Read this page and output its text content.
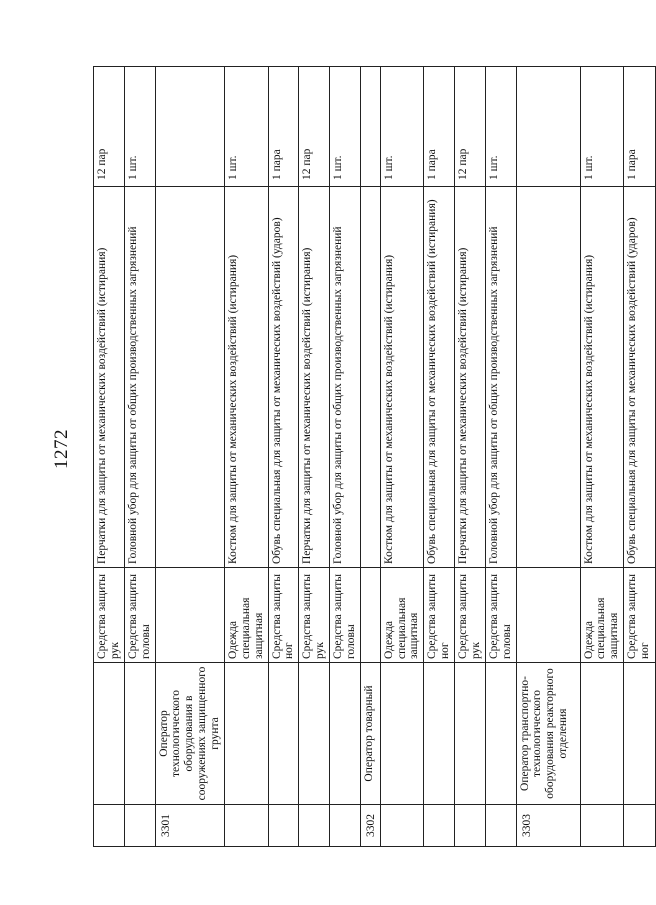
1272
		Средства защиты рук	Перчатки для защиты от механических воздействий (истирания)	12 пар
		Средства защиты головы	Головной убор для защиты от общих производственных загрязнений	1 шт.
3301	Оператор технологического оборудования в сооружениях защищенного грунта			
		Одежда специальная защитная	Костюм для защиты от механических воздействий (истирания)	1 шт.
		Средства защиты ног	Обувь специальная для защиты от механических воздействий (ударов)	1 пара
		Средства защиты рук	Перчатки для защиты от механических воздействий (истирания)	12 пар
		Средства защиты головы	Головной убор для защиты от общих производственных загрязнений	1 шт.
3302	Оператор товарный			
		Одежда специальная защитная	Костюм для защиты от механических воздействий (истирания)	1 шт.
		Средства защиты ног	Обувь специальная для защиты от механических воздействий (истирания)	1 пара
		Средства защиты рук	Перчатки для защиты от механических воздействий (истирания)	12 пар
		Средства защиты головы	Головной убор для защиты от общих производственных загрязнений	1 шт.
3303	Оператор транспортно-технологического оборудования реакторного отделения			
		Одежда специальная защитная	Костюм для защиты от механических воздействий (истирания)	1 шт.
		Средства защиты ног	Обувь специальная для защиты от механических воздействий (ударов)	1 пара
